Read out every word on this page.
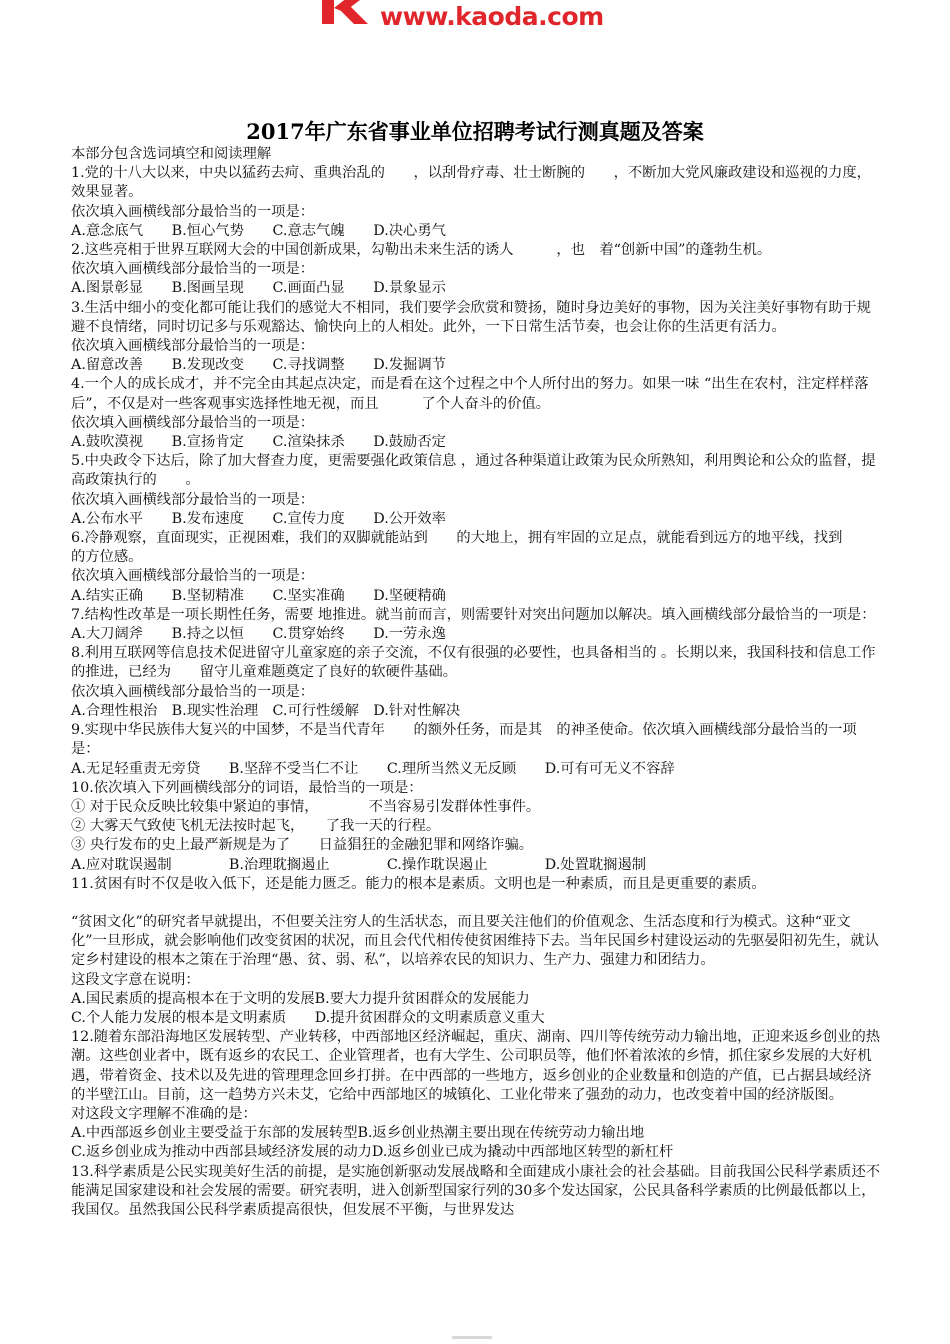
www.kaoda.com
2017年广东省事业单位招聘考试行测真题及答案

本部分包含选词填空和阅读理解

1.党的十八大以来，中央以猛药去疴、重典治乱的　　，以刮骨疗毒、壮士断腕的　　，不断加大党风廉政建设和巡视的力度，效果显著。

依次填入画横线部分最恰当的一项是：

A.意念底气　　B.恒心气势　　C.意志气魄　　D.决心勇气

2.这些亮相于世界互联网大会的中国创新成果，勾勒出未来生活的诱人　　　，也　着“创新中国”的蓬勃生机。

依次填入画横线部分最恰当的一项是：

A.图景彰显　　B.图画呈现　　C.画面凸显　　D.景象显示

3.生活中细小的变化都可能让我们的感觉大不相同，我们要学会欣赏和赞扬，随时身边美好的事物，因为关注美好事物有助于规避不良情绪，同时切记多与乐观豁达、愉快向上的人相处。此外，一下日常生活节奏，也会让你的生活更有活力。

依次填入画横线部分最恰当的一项是：

A.留意改善　　B.发现改变　　C.寻找调整　　D.发掘调节

4.一个人的成长成才，并不完全由其起点决定，而是看在这个过程之中个人所付出的努力。如果一味 “出生在农村，注定样样落后”，不仅是对一些客观事实选择性地无视，而且　　　了个人奋斗的价值。

依次填入画横线部分最恰当的一项是：

A.鼓吹漠视　　B.宣扬肯定　　C.渲染抹杀　　D.鼓励否定

5.中央政令下达后，除了加大督查力度，更需要强化政策信息 ，通过各种渠道让政策为民众所熟知，利用舆论和公众的监督，提高政策执行的　　。

依次填入画横线部分最恰当的一项是：

A.公布水平　　B.发布速度　　C.宣传力度　　D.公开效率

6.冷静观察，直面现实，正视困难，我们的双脚就能站到　　的大地上，拥有牢固的立足点，就能看到远方的地平线，找到　　　的方位感。

依次填入画横线部分最恰当的一项是：

A.结实正确　　B.坚韧精准　　C.坚实准确　　D.坚硬精确

7.结构性改革是一项长期性任务，需要 地推进。就当前而言，则需要针对突出问题加以解决。填入画横线部分最恰当的一项是：

A.大刀阔斧　　B.持之以恒　　C.贯穿始终　　D.一劳永逸

8.利用互联网等信息技术促进留守儿童家庭的亲子交流，不仅有很强的必要性，也具备相当的 。长期以来，我国科技和信息工作的推进，已经为　　留守儿童难题奠定了良好的软硬件基础。

依次填入画横线部分最恰当的一项是：

A.合理性根治　B.现实性治理　C.可行性缓解　D.针对性解决

9.实现中华民族伟大复兴的中国梦，不是当代青年　　的额外任务，而是其　的神圣使命。依次填入画横线部分最恰当的一项是：

A.无足轻重责无旁贷　　B.坚辞不受当仁不让　　C.理所当然义无反顾　　D.可有可无义不容辞

10.依次填入下列画横线部分的词语，最恰当的一项是：

① 对于民众反映比较集中紧迫的事情，　　　　不当容易引发群体性事件。

② 大雾天气致使飞机无法按时起飞，　　了我一天的行程。

③ 央行发布的史上最严新规是为了　　日益猖狂的金融犯罪和网络诈骗。

A.应对耽误遏制　　　　B.治理耽搁遏止　　　　C.操作耽误遏止　　　　D.处置耽搁遏制

11.贫困有时不仅是收入低下，还是能力匮乏。能力的根本是素质。文明也是一种素质，而且是更重要的素质。

“贫困文化”的研究者早就提出，不但要关注穷人的生活状态，而且要关注他们的价值观念、生活态度和行为模式。这种“亚文化”一旦形成，就会影响他们改变贫困的状况，而且会代代相传使贫困维持下去。当年民国乡村建设运动的先驱晏阳初先生，就认定乡村建设的根本之策在于治理“愚、贫、弱、私”，以培养农民的知识力、生产力、强建力和团结力。

这段文字意在说明：

A.国民素质的提高根本在于文明的发展B.要大力提升贫困群众的发展能力

C.个人能力发展的根本是文明素质　　D.提升贫困群众的文明素质意义重大

12.随着东部沿海地区发展转型、产业转移，中西部地区经济崛起，重庆、湖南、四川等传统劳动力输出地，正迎来返乡创业的热潮。这些创业者中，既有返乡的农民工、企业管理者，也有大学生、公司职员等，他们怀着浓浓的乡情，抓住家乡发展的大好机遇，带着资金、技术以及先进的管理理念回乡打拼。在中西部的一些地方，返乡创业的企业数量和创造的产值，已占据县域经济的半壁江山。目前，这一趋势方兴未艾，它给中西部地区的城镇化、工业化带来了强劲的动力，也改变着中国的经济版图。

对这段文字理解不准确的是：

A.中西部返乡创业主要受益于东部的发展转型B.返乡创业热潮主要出现在传统劳动力输出地

C.返乡创业成为推动中西部县域经济发展的动力D.返乡创业已成为撬动中西部地区转型的新杠杆

13.科学素质是公民实现美好生活的前提，是实施创新驱动发展战略和全面建成小康社会的社会基础。目前我国公民科学素质还不能满足国家建设和社会发展的需要。研究表明，进入创新型国家行列的30多个发达国家，公民具备科学素质的比例最低都以上，我国仅。虽然我国公民科学素质提高很快，但发展不平衡，与世界发达
